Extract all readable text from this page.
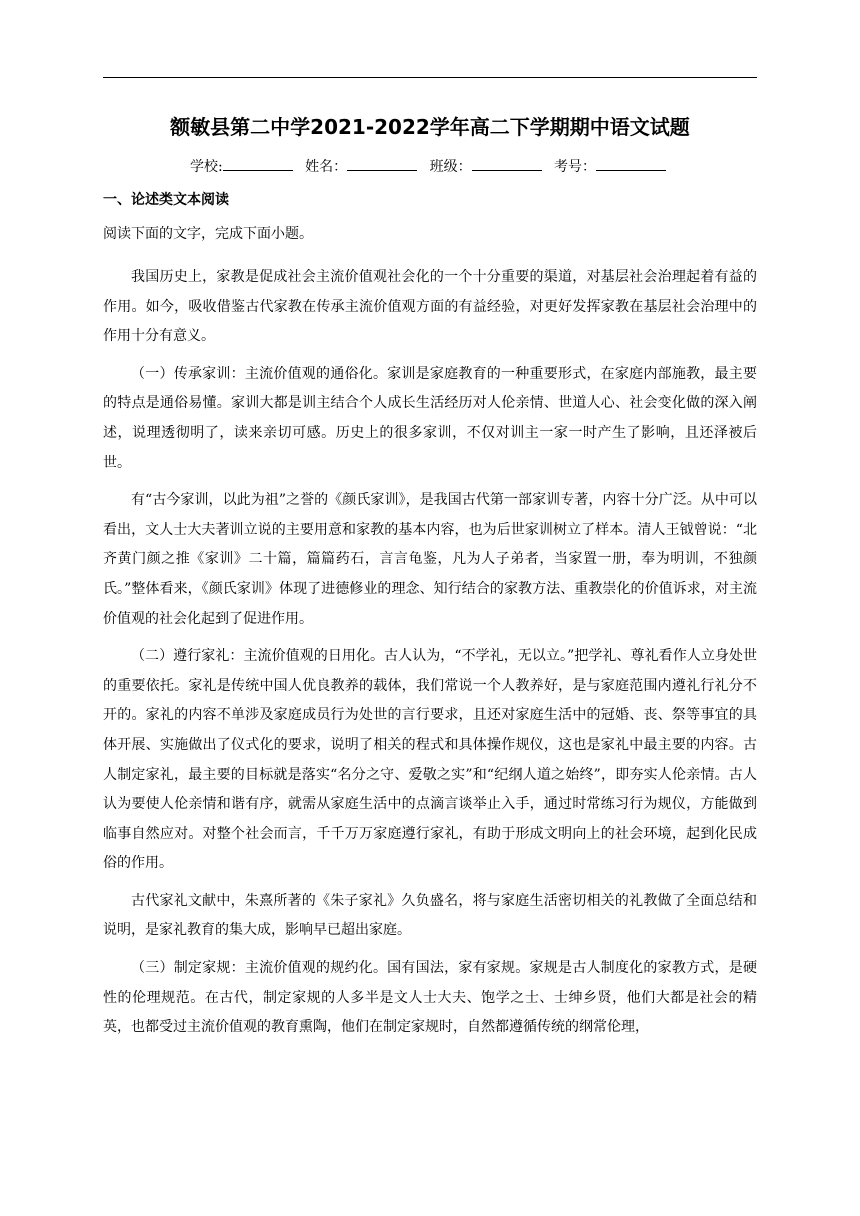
额敏县第二中学2021-2022学年高二下学期期中语文试题
学校:	姓名：	班级：	考号：
一、论述类文本阅读
阅读下面的文字，完成下面小题。

我国历史上，家教是促成社会主流价值观社会化的一个十分重要的渠道，对基层社会治理起着有益的作用。如今，吸收借鉴古代家教在传承主流价值观方面的有益经验，对更好发挥家教在基层社会治理中的作用十分有意义。

（一）传承家训：主流价值观的通俗化。家训是家庭教育的一种重要形式，在家庭内部施教，最主要的特点是通俗易懂。家训大都是训主结合个人成长生活经历对人伦亲情、世道人心、社会变化做的深入阐述，说理透彻明了，读来亲切可感。历史上的很多家训，不仅对训主一家一时产生了影响，且还泽被后世。

有“古今家训，以此为祖”之誉的《颜氏家训》，是我国古代第一部家训专著，内容十分广泛。从中可以看出，文人士大夫著训立说的主要用意和家教的基本内容，也为后世家训树立了样本。清人王钺曾说：“北齐黄门颜之推《家训》二十篇，篇篇药石，言言龟鉴，凡为人子弟者，当家置一册，奉为明训，不独颜氏。”整体看来，《颜氏家训》体现了进德修业的理念、知行结合的家教方法、重教崇化的价值诉求，对主流价值观的社会化起到了促进作用。

（二）遵行家礼：主流价值观的日用化。古人认为，“不学礼，无以立。”把学礼、尊礼看作人立身处世的重要依托。家礼是传统中国人优良教养的载体，我们常说一个人教养好，是与家庭范围内遵礼行礼分不开的。家礼的内容不单涉及家庭成员行为处世的言行要求，且还对家庭生活中的冠婚、丧、祭等事宜的具体开展、实施做出了仪式化的要求，说明了相关的程式和具体操作规仪，这也是家礼中最主要的内容。古人制定家礼，最主要的目标就是落实“名分之守、爱敬之实”和“纪纲人道之始终”，即夯实人伦亲情。古人认为要使人伦亲情和谐有序，就需从家庭生活中的点滴言谈举止入手，通过时常练习行为规仪，方能做到临事自然应对。对整个社会而言，千千万万家庭遵行家礼，有助于形成文明向上的社会环境，起到化民成俗的作用。

古代家礼文献中，朱熹所著的《朱子家礼》久负盛名，将与家庭生活密切相关的礼教做了全面总结和说明，是家礼教育的集大成，影响早已超出家庭。

（三）制定家规：主流价值观的规约化。国有国法，家有家规。家规是古人制度化的家教方式，是硬性的伦理规范。在古代，制定家规的人多半是文人士大夫、饱学之士、士绅乡贤，他们大都是社会的精英，也都受过主流价值观的教育熏陶，他们在制定家规时，自然都遵循传统的纲常伦理，
